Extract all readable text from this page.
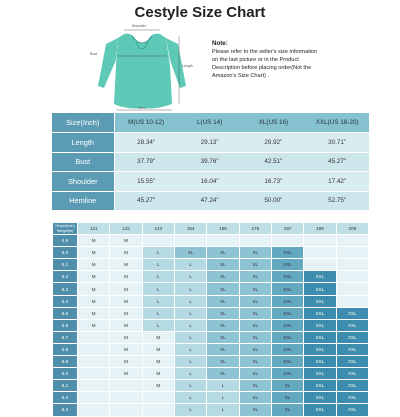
Cestyle Size Chart
Shoulder
Bust
Length
Hem
Note:
Please refer to the seller's size information
on the last picture or in the Product
Description before placing order(Not the
Amazon's Size Chart) .
Size(Inch)	M(US 10-12)	L(US 14)	XL(US 16)	XXL(US 18-20)
Length	28.34"	29.13"	29.92"	30.71"
Bust	37.79"	39.76"	42.51"	45.27"
Shoulder	15.55"	16.04"	16.73"	17.42"
Hemline	45.27"	47.24"	50.00"	52.75"
Height(inch)
Weight(lb)	121	132	143	154	165	176	187	198	209
4.9	M	M							
5.0	M	M	L	XL	XL	XL	XXL		
5.1	M	M	L	L	XL	XL	XXL		
5.2	M	M	L	L	XL	XL	XXL	XXL	
5.3	M	M	L	L	XL	XL	XXL	XXL	
5.4	M	M	L	L	XL	XL	XXL	XXL	
5.5	M	M	L	L	XL	XL	XXL	XXL	XXL
5.6	M	M	L	L	XL	XL	XXL	XXL	XXL
5.7		M	M	L	XL	XL	XXL	XXL	XXL
5.8		M	M	L	XL	XL	XXL	XXL	XXL
5.9		M	M	L	XL	XL	XXL	XXL	XXL
6.0		M	M	L	XL	XL	XXL	XXL	XXL
6.1			M	L	L	XL	XL	XXL	XXL
6.2				L	L	XL	XL	XXL	XXL
6.3				L	L	XL	XL	XXL	XXL
